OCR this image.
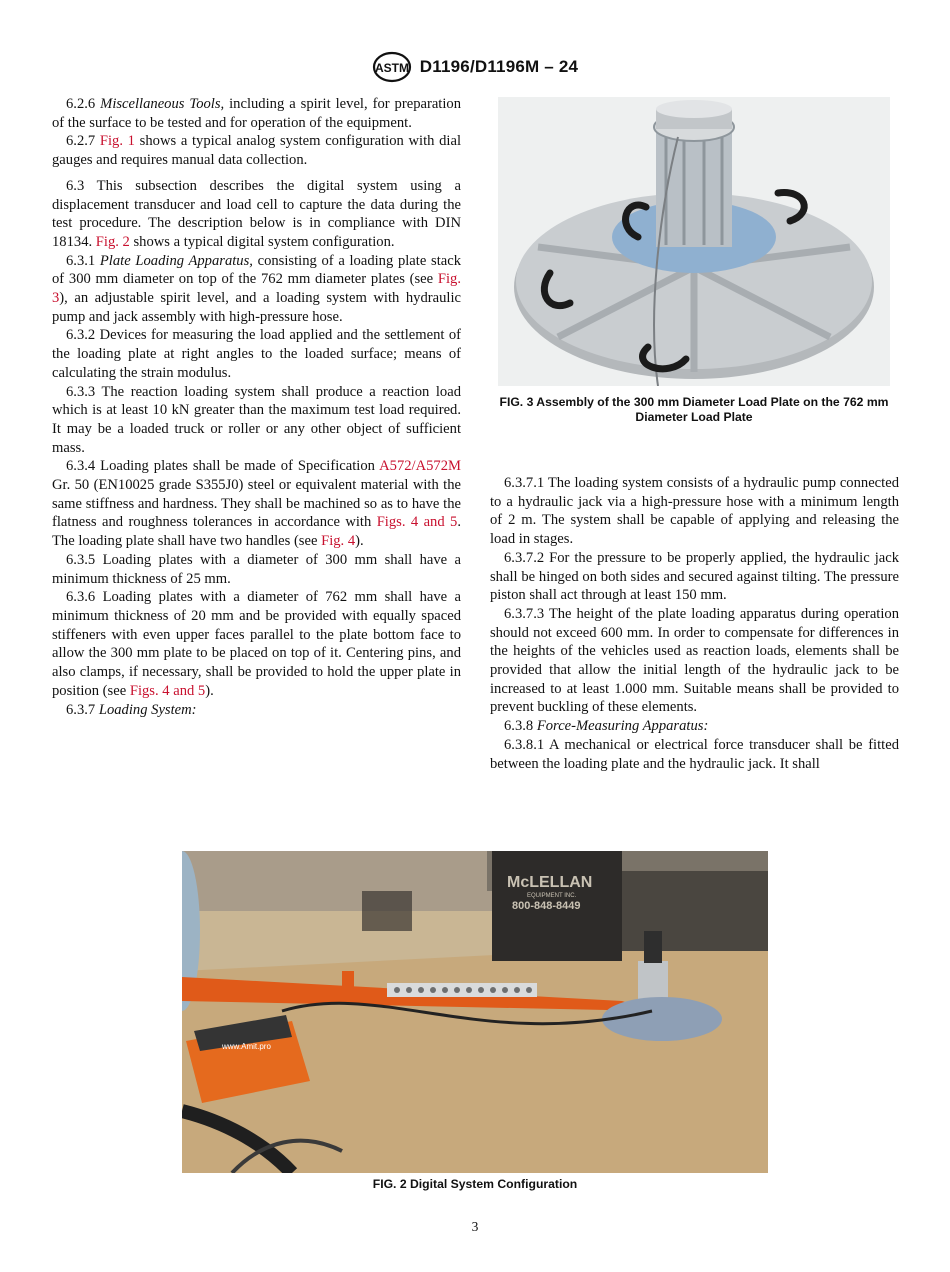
ASTM D1196/D1196M – 24

6.2.6 Miscellaneous Tools, including a spirit level, for preparation of the surface to be tested and for operation of the equipment.

6.2.7 Fig. 1 shows a typical analog system configuration with dial gauges and requires manual data collection.

6.3 This subsection describes the digital system using a displacement transducer and load cell to capture the data during the test procedure. The description below is in compliance with DIN 18134. Fig. 2 shows a typical digital system configuration.

6.3.1 Plate Loading Apparatus, consisting of a loading plate stack of 300 mm diameter on top of the 762 mm diameter plates (see Fig. 3), an adjustable spirit level, and a loading system with hydraulic pump and jack assembly with high-pressure hose.

6.3.2 Devices for measuring the load applied and the settlement of the loading plate at right angles to the loaded surface; means of calculating the strain modulus.

6.3.3 The reaction loading system shall produce a reaction load which is at least 10 kN greater than the maximum test load required. It may be a loaded truck or roller or any other object of sufficient mass.

6.3.4 Loading plates shall be made of Specification A572/A572M Gr. 50 (EN10025 grade S355J0) steel or equivalent material with the same stiffness and hardness. They shall be machined so as to have the flatness and roughness tolerances in accordance with Figs. 4 and 5. The loading plate shall have two handles (see Fig. 4).

6.3.5 Loading plates with a diameter of 300 mm shall have a minimum thickness of 25 mm.

6.3.6 Loading plates with a diameter of 762 mm shall have a minimum thickness of 20 mm and be provided with equally spaced stiffeners with even upper faces parallel to the plate bottom face to allow the 300 mm plate to be placed on top of it. Centering pins, and also clamps, if necessary, shall be provided to hold the upper plate in position (see Figs. 4 and 5).

6.3.7 Loading System:

FIG. 3 Assembly of the 300 mm Diameter Load Plate on the 762 mm Diameter Load Plate

6.3.7.1 The loading system consists of a hydraulic pump connected to a hydraulic jack via a high-pressure hose with a minimum length of 2 m. The system shall be capable of applying and releasing the load in stages.

6.3.7.2 For the pressure to be properly applied, the hydraulic jack shall be hinged on both sides and secured against tilting. The pressure piston shall act through at least 150 mm.

6.3.7.3 The height of the plate loading apparatus during operation should not exceed 600 mm. In order to compensate for differences in the heights of the vehicles used as reaction loads, elements shall be provided that allow the initial length of the hydraulic jack to be increased to at least 1.000 mm. Suitable means shall be provided to prevent buckling of these elements.

6.3.8 Force-Measuring Apparatus:

6.3.8.1 A mechanical or electrical force transducer shall be fitted between the loading plate and the hydraulic jack. It shall

McLELLAN
EQUIPMENT INC.
800-848-8449
www.Amit.pro
FIG. 2 Digital System Configuration
3
